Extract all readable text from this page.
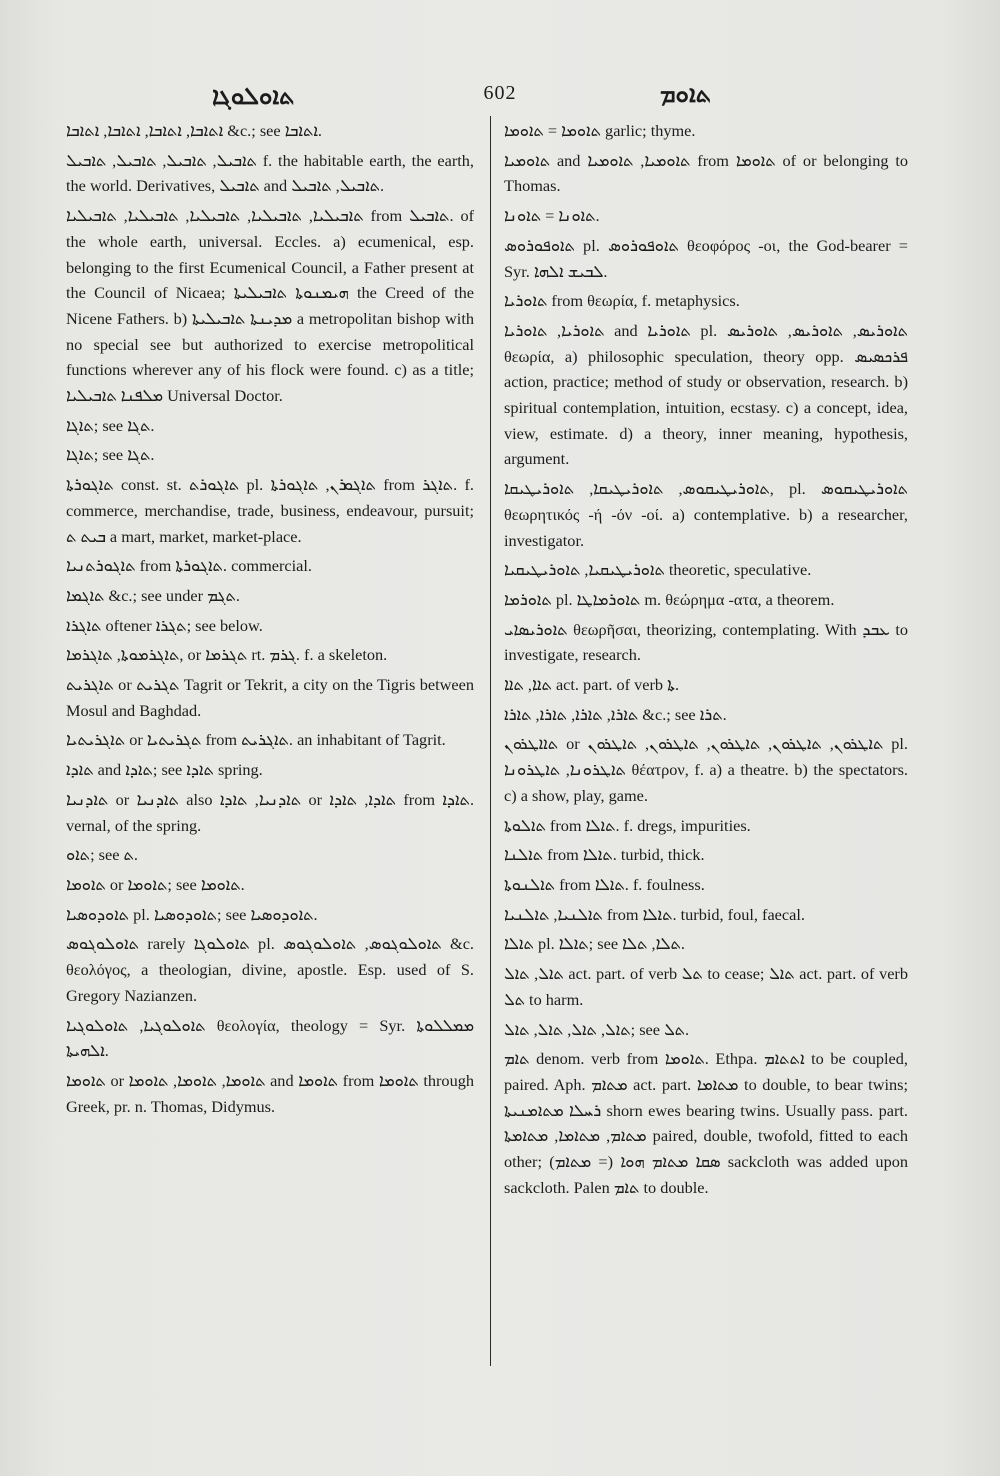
ܬܐܘܠܘܓܐ	602	ܬܐܘܡ

ܐܬܐܒܐ, ܐܬܐܒܐ, ܐܬܐܒܐ, ܐܬܐܒܐ &c.; see ܐܬܐܒܐ.

ܬܐܒܝܠ, ܬܐܒܝܠ, ܬܐܒܝܠ, ܬܐܒܝܠ f. the habitable earth, the earth, the world. Derivatives, ܬܐܒܝܠ and ܬܐܒܝܠ, ܬܐܒܝܠ.

ܬܐܒܝܠܝܐ, ܬܐܒܝܠܝܐ, ܬܐܒܝܠܝܐ, ܬܐܒܝܠܝܐ, ܬܐܒܝܠܝܐ from ܬܐܒܝܠ. of the whole earth, universal. Eccles. a) ecumenical, esp. belonging to the first Ecumenical Council, a Father present at the Council of Nicaea; ܗܝܡܢܘܬܐ ܬܐܒܝܠܝܬܐ the Creed of the Nicene Fathers. b) ܡܕܝܢܬܐ ܬܐܒܝܠܝܬܐ a metropolitan bishop with no special see but authorized to exercise metropolitical functions wherever any of his flock were found. c) as a title; ܡܠܦܢܐ ܬܐܒܝܠܝܐ Universal Doctor.

ܬܐܓܐ; see ܬܓܐ.

ܬܐܓܐ; see ܬܓܐ.

ܬܐܓܘܪܬܐ const. st. ܬܐܓܘܪܬ pl. ܬܐܓܘܪܢ, ܬܐܓܘܪܬܐ from ܬܐܓܪ. f. commerce, merchandise, trade, business, endeavour, pursuit; ܒܝܬ ܬ a mart, market, market-place.

ܬܐܓܘܪܬܢܝܐ from ܬܐܓܘܪܬܐ. commercial.

ܬܐܓܡܐ &c.; see under ܬܓܡ.

ܬܐܓܪܐ oftener ܬܓܪܐ; see below.

ܬܐܓܪܡܘܬܐ, ܬܐܓܪܡܐ, or ܬܓܪܡܐ rt. ܓܪܡ. f. a skeleton.

ܬܐܓܪܝܬ or ܬܓܪܝܬ Tagrit or Tekrit, a city on the Tigris between Mosul and Baghdad.

ܬܐܓܪܝܬܝܐ or ܬܓܪܝܬܝܐ from ܬܐܓܪܝܬ. an inhabitant of Tagrit.

ܬܐܕܐ and ܬܐܕܐ; see ܬܐܕܐ spring.

ܬܐܕܢܝܐ or ܬܐܕܢܝܐ also ܬܐܕܢܝܐ, ܬܐܕܐ or ܬܐܕܐ, ܬܐܕܐ from ܬܐܕܐ. vernal, of the spring.

ܬܐܘ; see ܬ.

ܬܐܘܡܐ or ܬܐܘܡܐ; see ܬܐܘܡܐ.

ܬܐܘܕܘܣܝܐ pl. ܬܐܘܕܘܣܝܐ; see ܬܐܘܕܘܣܝܐ.

ܬܐܘܠܘܓܘܣ rarely ܬܐܘܠܘܓܐ pl. ܬܐܘܠܘܓܘܣ, ܬܐܘܠܘܓܘܣ &c. θεολόγος, a theologian, divine, apostle. Esp. used of S. Gregory Nazianzen.

ܬܐܘܠܘܓܝܐ, ܬܐܘܠܘܓܝܐ θεολογία, theology = Syr. ܡܡܠܠܘܬܐ ܐܠܗܝܬܐ.

ܬܐܘܡܐ or ܬܐܘܡܐ, ܬܐܘܡܐ, ܬܐܘܡܐ and ܬܐܘܡܐ from ܬܐܘܡܐ through Greek, pr. n. Thomas, Didymus.

ܬܐܘܡܐ = ܬܐܘܡܐ garlic; thyme.

ܬܐܘܡܝܐ and ܬܐܘܡܝܐ, ܬܐܘܡܝܐ from ܬܐܘܡܐ of or belonging to Thomas.

ܬܐܘܢܐ = ܬܐܘܢܐ.

ܬܐܘܦܘܪܘܣ pl. ܬܐܘܦܘܪܘܣ θεοφόρος -οι, the God-bearer = Syr. ܠܒܝܫ ܐܠܗܐ.

ܬܐܘܪܝܐ from θεωρία, f. metaphysics.

ܬܐܘܪܝܐ, ܬܐܘܪܝܐ and ܬܐܘܪܝܐ pl. ܬܐܘܪܝܣ, ܬܐܘܪܝܣ, ܬܐܘܪܝܣ θεωρία, a) philosophic speculation, theory opp. ܦܪܟܣܝܣ action, practice; method of study or observation, research. b) spiritual contemplation, intuition, ecstasy. c) a concept, idea, view, estimate. d) a theory, inner meaning, hypothesis, argument.

ܬܐܘܪܝܛܝܩܘܣ, ܬܐܘܪܝܛܝܩܐ, ܬܐܘܪܝܛܝܩܐ, pl. ܬܐܘܪܝܛܝܩܘܣ θεωρητικός -ή -όν -οί. a) contemplative. b) a researcher, investigator.

ܬܐܘܪܝܛܝܩܝܐ, ܬܐܘܪܝܛܝܩܝܐ theoretic, speculative.

ܬܐܘܪܡܐ pl. ܬܐܘܪܡܐܛܐ m. θεώρημα -ατα, a theorem.

ܬܐܘܪܝܣܐܝ θεωρῆσαι, theorizing, contemplating. With ܥܒܕ to investigate, research.

ܬܐܐ, ܬܐܐ act. part. of verb ܬܐ.

ܬܐܪܐ, ܬܐܪܐ, ܬܐܪܐ, ܬܐܪܐ &c.; see ܬܪܐ.

ܬܐܐܛܪܘܢ or ܬܐܛܪܘܢ, ܬܐܛܪܘܢ, ܬܐܛܪܘܢ, ܬܐܛܪܘܢ, ܬܐܛܪܘܢ pl. ܬܐܛܪܘܢܐ, ܬܐܛܪܘܢܐ θέατρον, f. a) a theatre. b) the spectators. c) a show, play, game.

ܬܐܠܘܬܐ from ܬܐܠܐ. f. dregs, impurities.

ܬܐܠܢܐ from ܬܐܠܐ. turbid, thick.

ܬܐܠܢܘܬܐ from ܬܐܠܐ. f. foulness.

ܬܐܠܢܝܐ, ܬܐܠܢܝܐ from ܬܐܠܐ. turbid, foul, faecal.

ܬܐܠܐ pl. ܬܐܠܐ; see ܬܠܐ, ܬܠܐ.

ܬܐܠ, ܬܐܠ act. part. of verb ܬܠ to cease; ܬܐܠ act. part. of verb ܬܠ to harm.

ܬܐܠ, ܬܐܠ, ܬܐܠ, ܬܐܠ; see ܬܠ.

ܬܐܡ denom. verb from ܬܐܘܡܐ. Ethpa. ܐܬܬܐܡ to be coupled, paired. Aph. ܡܬܐܡ act. part. ܡܬܐܡܐ to double, to bear twins; ܪܚܠܐ ܡܬܐܡܢܝܬܐ shorn ewes bearing twins. Usually pass. part. ܡܬܐܡ, ܡܬܐܡܐ, ܡܬܐܡܬܐ paired, double, twofold, fitted to each other; ܣܩܐ ܡܬܐܡ ܗܘܐ (= ܡܬܐܡ) sackcloth was added upon sackcloth. Palen ܬܐܡ to double.
